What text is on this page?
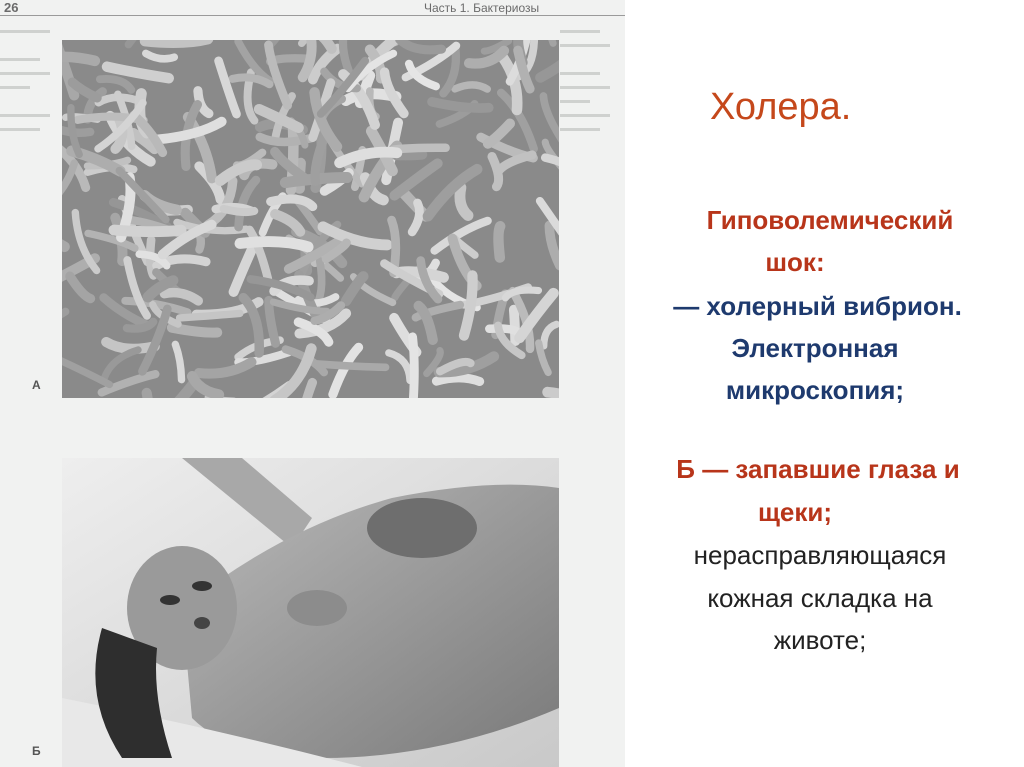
26	Часть 1. Бактериозы
▬▬▬▬▬
▬▬▬▬
▬▬▬▬▬
▬▬▬
▬▬▬▬▬
▬▬▬▬
▬▬▬▬
▬▬▬▬▬
▬▬▬▬
▬▬▬▬▬
▬▬▬
▬▬▬▬▬
▬▬▬▬
А
Б
Холера.
Гиповолемический
шок:
— холерный вибрион.
Электронная
микроскопия;
Б — запавшие глаза и
щеки;
нерасправляющаяся
кожная складка на
животе;
